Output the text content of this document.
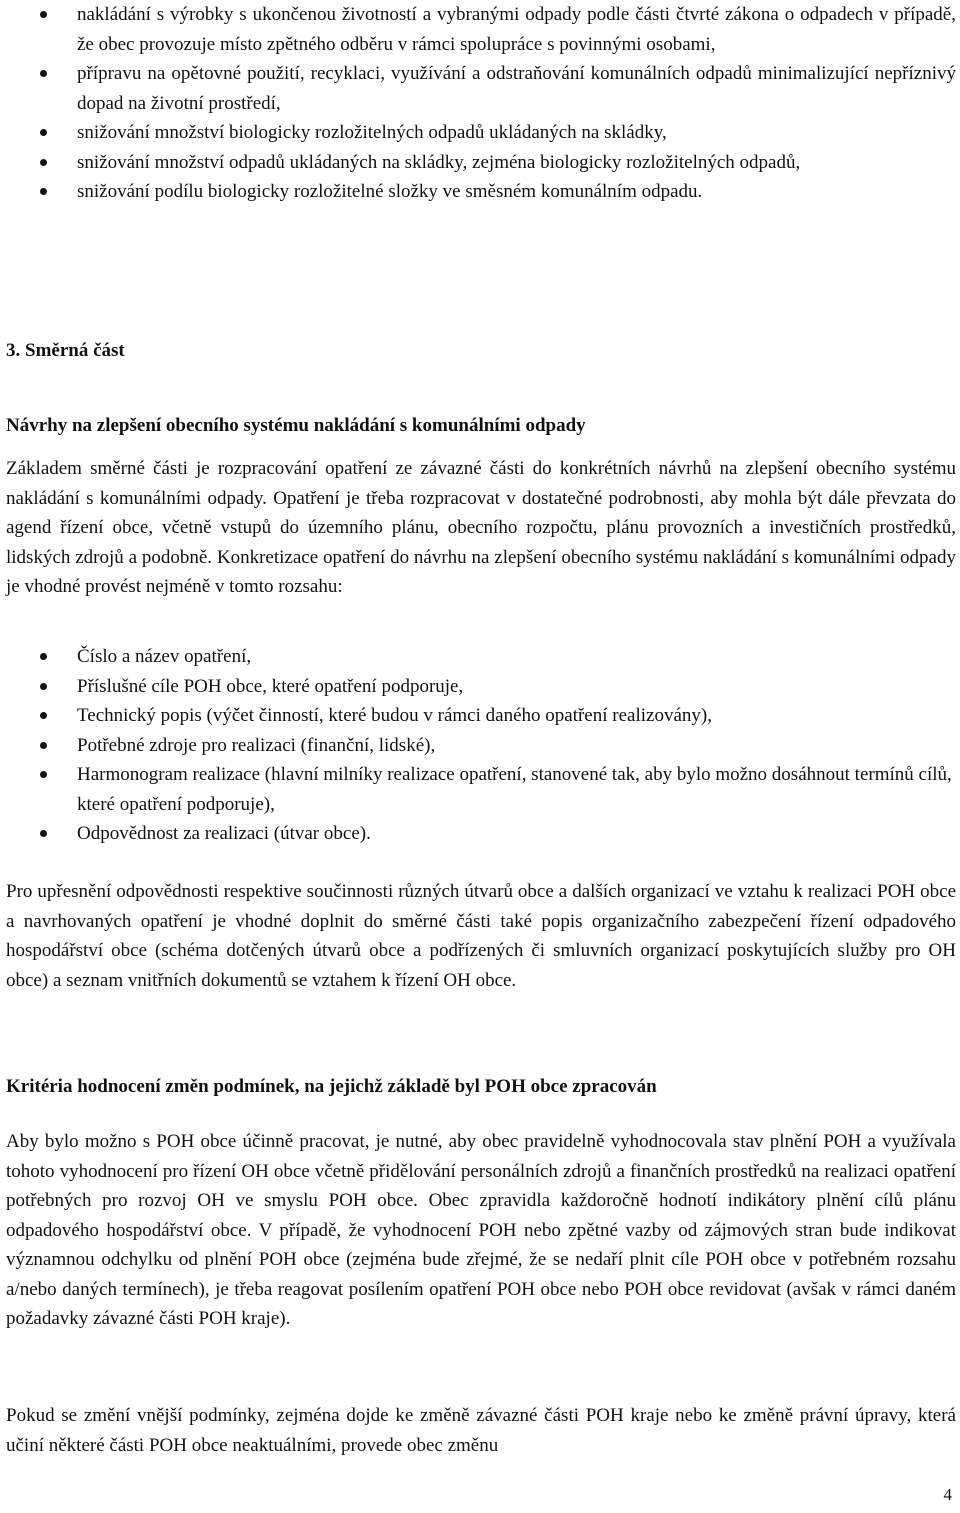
nakládání s výrobky s ukončenou životností a vybranými odpady podle části čtvrté zákona o odpadech v případě, že obec provozuje místo zpětného odběru v rámci spolupráce s povinnými osobami,
přípravu na opětovné použití, recyklaci, využívání a odstraňování komunálních odpadů minimalizující nepříznivý dopad na životní prostředí,
snižování množství biologicky rozložitelných odpadů ukládaných na skládky,
snižování množství odpadů ukládaných na skládky, zejména biologicky rozložitelných odpadů,
snižování podílu biologicky rozložitelné složky ve směsném komunálním odpadu.
3. Směrná část
Návrhy na zlepšení obecního systému nakládání s komunálními odpady

Základem směrné části je rozpracování opatření ze závazné části do konkrétních návrhů na zlepšení obecního systému nakládání s komunálními odpady. Opatření je třeba rozpracovat v dostatečné podrobnosti, aby mohla být dále převzata do agend řízení obce, včetně vstupů do územního plánu, obecního rozpočtu, plánu provozních a investičních prostředků, lidských zdrojů a podobně. Konkretizace opatření do návrhu na zlepšení obecního systému nakládání s komunálními odpady je vhodné provést nejméně v tomto rozsahu:

Číslo a název opatření,
Příslušné cíle POH obce, které opatření podporuje,
Technický popis (výčet činností, které budou v rámci daného opatření realizovány),
Potřebné zdroje pro realizaci (finanční, lidské),
Harmonogram realizace (hlavní milníky realizace opatření, stanovené tak, aby bylo možno dosáhnout termínů cílů, které opatření podporuje),
Odpovědnost za realizaci (útvar obce).

Pro upřesnění odpovědnosti respektive součinnosti různých útvarů obce a dalších organizací ve vztahu k realizaci POH obce a navrhovaných opatření je vhodné doplnit do směrné části také popis organizačního zabezpečení řízení odpadového hospodářství obce (schéma dotčených útvarů obce a podřízených či smluvních organizací poskytujících služby pro OH obce) a seznam vnitřních dokumentů se vztahem k řízení OH obce.

Kritéria hodnocení změn podmínek, na jejichž základě byl POH obce zpracován

Aby bylo možno s POH obce účinně pracovat, je nutné, aby obec pravidelně vyhodnocovala stav plnění POH a využívala tohoto vyhodnocení pro řízení OH obce včetně přidělování personálních zdrojů a finančních prostředků na realizaci opatření potřebných pro rozvoj OH ve smyslu POH obce. Obec zpravidla každoročně hodnotí indikátory plnění cílů plánu odpadového hospodářství obce. V případě, že vyhodnocení POH nebo zpětné vazby od zájmových stran bude indikovat významnou odchylku od plnění POH obce (zejména bude zřejmé, že se nedaří plnit cíle POH obce v potřebném rozsahu a/nebo daných termínech), je třeba reagovat posílením opatření POH obce nebo POH obce revidovat (avšak v rámci daném požadavky závazné části POH kraje).

Pokud se změní vnější podmínky, zejména dojde ke změně závazné části POH kraje nebo ke změně právní úpravy, která učiní některé části POH obce neaktuálními, provede obec změnu

4
